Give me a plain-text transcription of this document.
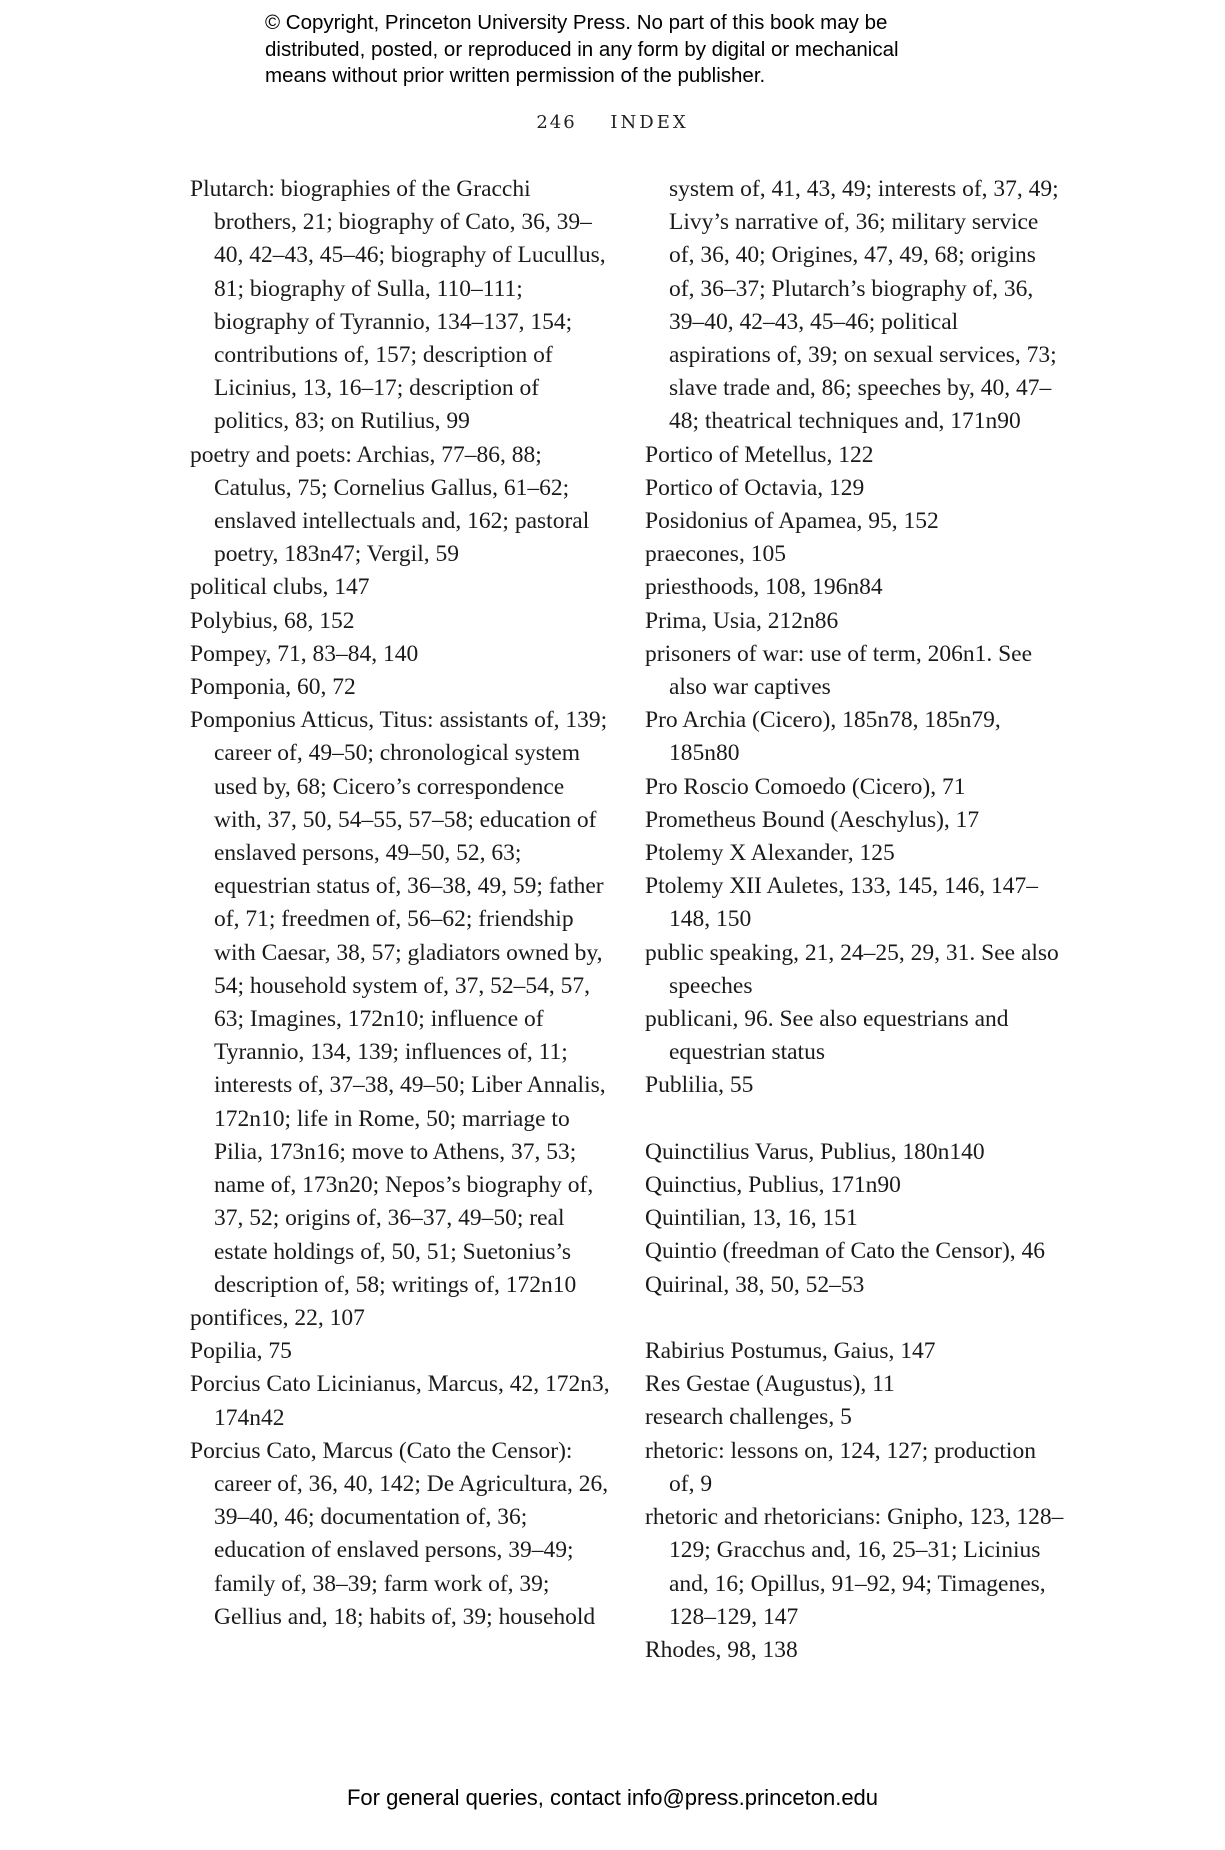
© Copyright, Princeton University Press. No part of this book may be
distributed, posted, or reproduced in any form by digital or mechanical
means without prior written permission of the publisher.
246 INDEX
Plutarch: biographies of the Gracchi brothers, 21; biography of Cato, 36, 39–40, 42–43, 45–46; biography of Lucullus, 81; biography of Sulla, 110–111; biography of Tyrannio, 134–137, 154; contributions of, 157; description of Licinius, 13, 16–17; description of politics, 83; on Rutilius, 99
poetry and poets: Archias, 77–86, 88; Catulus, 75; Cornelius Gallus, 61–62; enslaved intellectuals and, 162; pastoral poetry, 183n47; Vergil, 59
political clubs, 147
Polybius, 68, 152
Pompey, 71, 83–84, 140
Pomponia, 60, 72
Pomponius Atticus, Titus: assistants of, 139; career of, 49–50; chronological system used by, 68; Cicero’s correspondence with, 37, 50, 54–55, 57–58; education of enslaved persons, 49–50, 52, 63; equestrian status of, 36–38, 49, 59; father of, 71; freedmen of, 56–62; friendship with Caesar, 38, 57; gladiators owned by, 54; household system of, 37, 52–54, 57, 63; Imagines, 172n10; influence of Tyrannio, 134, 139; influences of, 11; interests of, 37–38, 49–50; Liber Annalis, 172n10; life in Rome, 50; marriage to Pilia, 173n16; move to Athens, 37, 53; name of, 173n20; Nepos’s biography of, 37, 52; origins of, 36–37, 49–50; real estate holdings of, 50, 51; Suetonius’s description of, 58; writings of, 172n10
pontifices, 22, 107
Popilia, 75
Porcius Cato Licinianus, Marcus, 42, 172n3, 174n42
Porcius Cato, Marcus (Cato the Censor): career of, 36, 40, 142; De Agricultura, 26, 39–40, 46; documentation of, 36; education of enslaved persons, 39–49; family of, 38–39; farm work of, 39; Gellius and, 18; habits of, 39; household
system of, 41, 43, 49; interests of, 37, 49; Livy’s narrative of, 36; military service of, 36, 40; Origines, 47, 49, 68; origins of, 36–37; Plutarch’s biography of, 36, 39–40, 42–43, 45–46; political aspirations of, 39; on sexual services, 73; slave trade and, 86; speeches by, 40, 47–48; theatrical techniques and, 171n90
Portico of Metellus, 122
Portico of Octavia, 129
Posidonius of Apamea, 95, 152
praecones, 105
priesthoods, 108, 196n84
Prima, Usia, 212n86
prisoners of war: use of term, 206n1. See also war captives
Pro Archia (Cicero), 185n78, 185n79, 185n80
Pro Roscio Comoedo (Cicero), 71
Prometheus Bound (Aeschylus), 17
Ptolemy X Alexander, 125
Ptolemy XII Auletes, 133, 145, 146, 147–148, 150
public speaking, 21, 24–25, 29, 31. See also speeches
publicani, 96. See also equestrians and equestrian status
Publilia, 55
Quinctilius Varus, Publius, 180n140
Quinctius, Publius, 171n90
Quintilian, 13, 16, 151
Quintio (freedman of Cato the Censor), 46
Quirinal, 38, 50, 52–53
Rabirius Postumus, Gaius, 147
Res Gestae (Augustus), 11
research challenges, 5
rhetoric: lessons on, 124, 127; production of, 9
rhetoric and rhetoricians: Gnipho, 123, 128–129; Gracchus and, 16, 25–31; Licinius and, 16; Opillus, 91–92, 94; Timagenes, 128–129, 147
Rhodes, 98, 138
For general queries, contact info@press.princeton.edu
